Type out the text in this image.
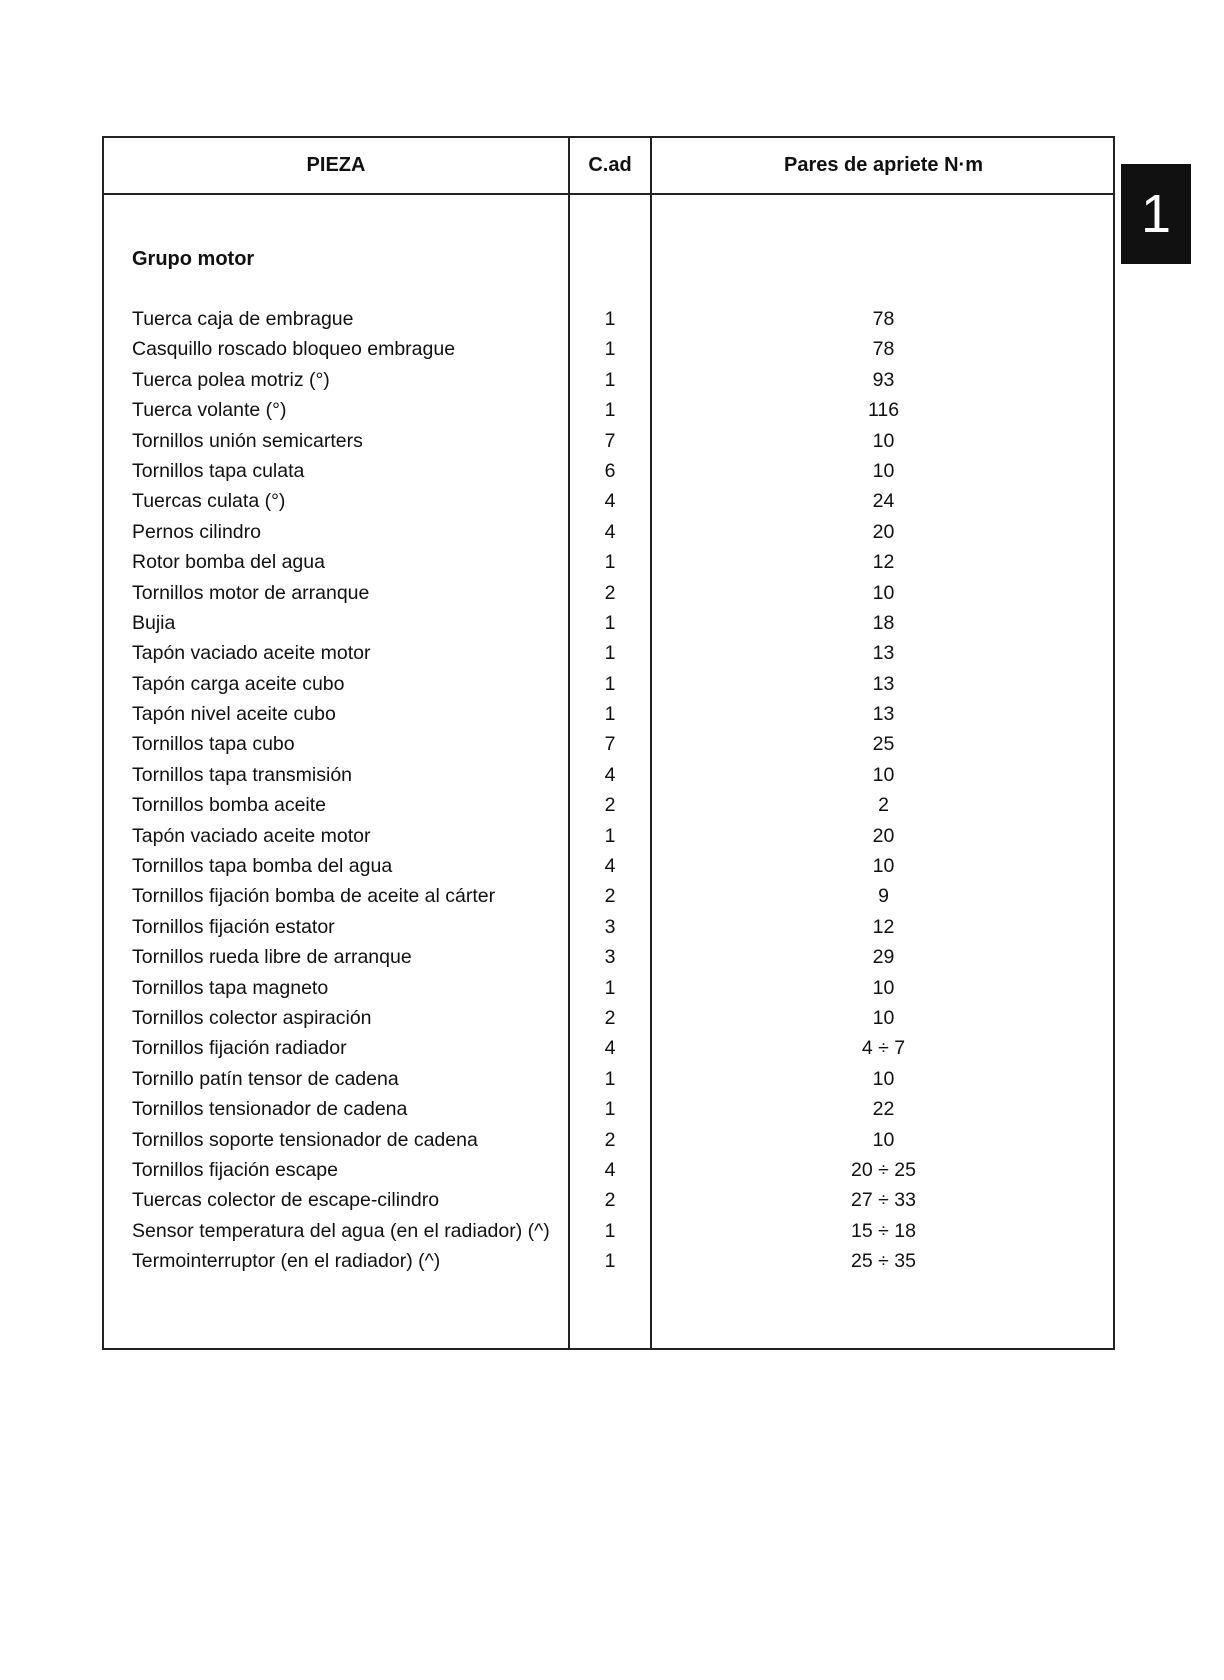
1
PIEZA	C.ad	Pares de apriete N·m
Grupo motor
Tuerca caja de embrague	1	78
Casquillo roscado bloqueo embrague	1	78
Tuerca polea motriz (°)	1	93
Tuerca volante (°)	1	116
Tornillos unión semicarters	7	10
Tornillos tapa culata	6	10
Tuercas culata (°)	4	24
Pernos cilindro	4	20
Rotor bomba del agua	1	12
Tornillos motor de arranque	2	10
Bujia	1	18
Tapón vaciado aceite motor	1	13
Tapón carga aceite cubo	1	13
Tapón nivel aceite cubo	1	13
Tornillos tapa cubo	7	25
Tornillos tapa transmisión	4	10
Tornillos bomba aceite	2	2
Tapón vaciado aceite motor	1	20
Tornillos tapa bomba del agua	4	10
Tornillos fijación bomba de aceite al cárter	2	9
Tornillos fijación estator	3	12
Tornillos rueda libre de arranque	3	29
Tornillos tapa magneto	1	10
Tornillos colector aspiración	2	10
Tornillos fijación radiador	4	4 ÷ 7
Tornillo patín tensor de cadena	1	10
Tornillos tensionador de cadena	1	22
Tornillos soporte tensionador de cadena	2	10
Tornillos fijación escape	4	20 ÷ 25
Tuercas colector de escape-cilindro	2	27 ÷ 33
Sensor temperatura del agua (en el radiador) (^)	1	15 ÷ 18
Termointerruptor (en el radiador) (^)	1	25 ÷ 35
